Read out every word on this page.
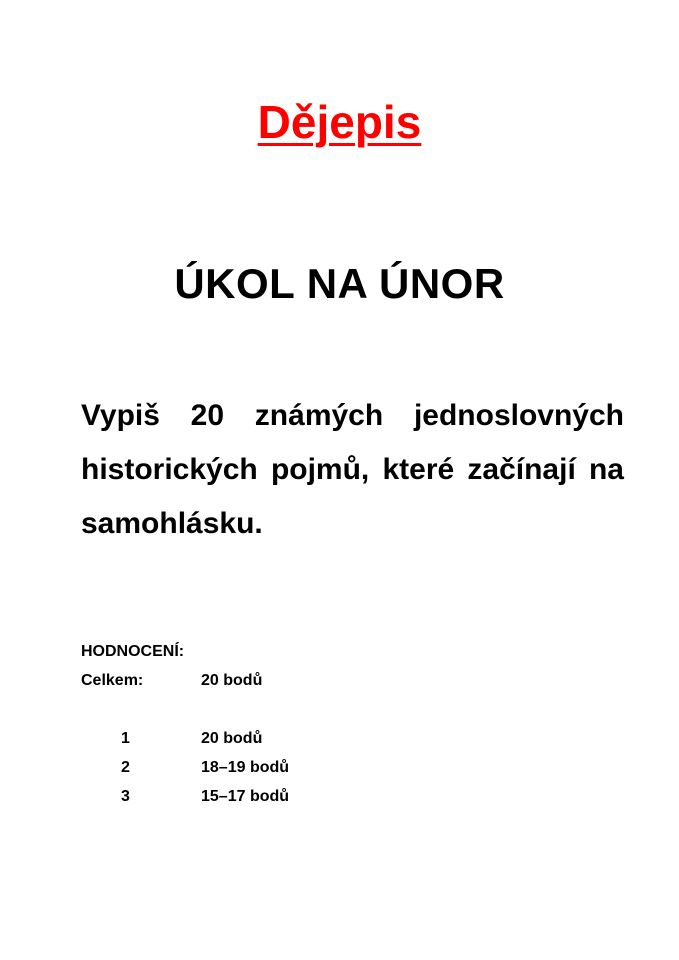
Dějepis
ÚKOL NA ÚNOR
Vypiš 20 známých jednoslovných historických pojmů, které začínají na samohlásku.
HODNOCENÍ:
Celkem:	20 bodů
1	20 bodů
2	18–19 bodů
3	15–17 bodů
